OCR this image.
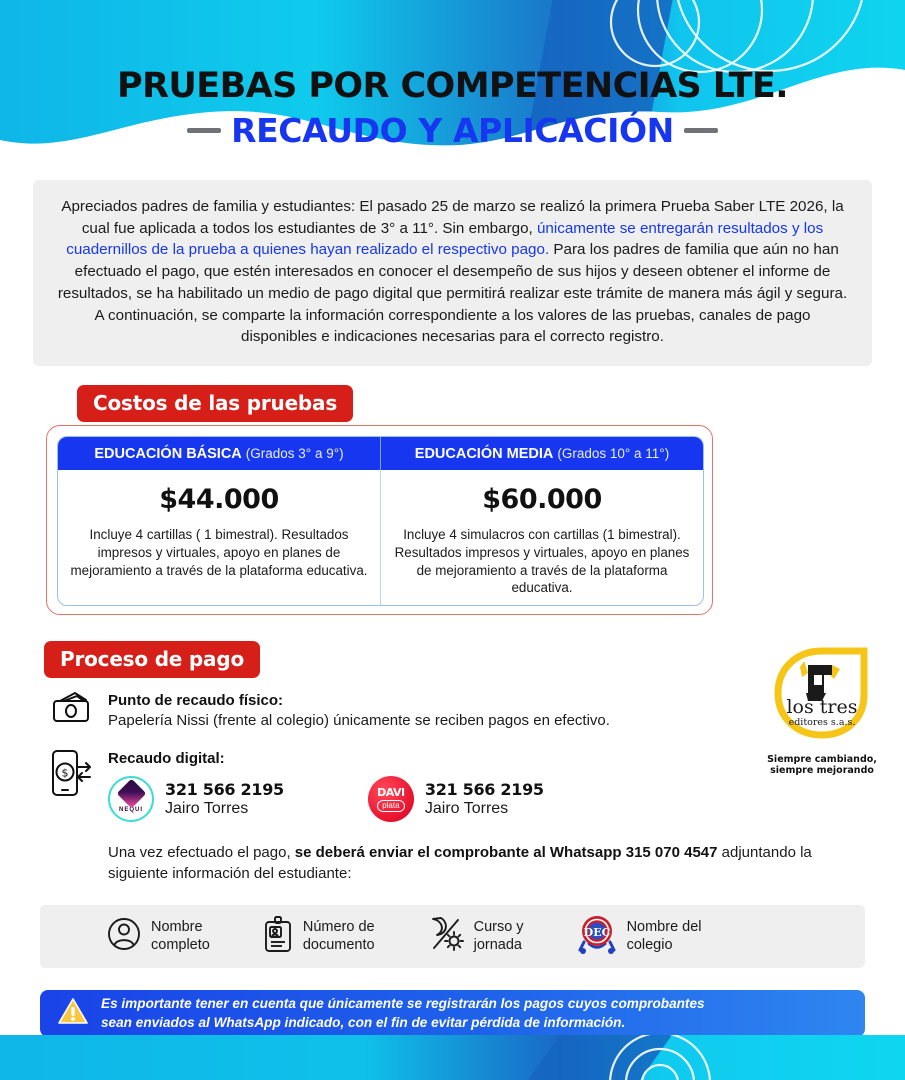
PRUEBAS POR COMPETENCIAS LTE.
RECAUDO Y APLICACIÓN
Apreciados padres de familia y estudiantes: El pasado 25 de marzo se realizó la primera Prueba Saber LTE 2026, la cual fue aplicada a todos los estudiantes de 3° a 11°. Sin embargo, únicamente se entregarán resultados y los cuadernillos de la prueba a quienes hayan realizado el respectivo pago. Para los padres de familia que aún no han efectuado el pago, que estén interesados en conocer el desempeño de sus hijos y deseen obtener el informe de resultados, se ha habilitado un medio de pago digital que permitirá realizar este trámite de manera más ágil y segura. A continuación, se comparte la información correspondiente a los valores de las pruebas, canales de pago disponibles e indicaciones necesarias para el correcto registro.
Costos de las pruebas
EDUCACIÓN BÁSICA (Grados 3° a 9°)	EDUCACIÓN MEDIA (Grados 10° a 11°)
$44.000
Incluye 4 cartillas ( 1 bimestral). Resultados impresos y virtuales, apoyo en planes de mejoramiento a través de la plataforma educativa.
$60.000
Incluye 4 simulacros con cartillas (1 bimestral). Resultados impresos y virtuales, apoyo en planes de mejoramiento a través de la plataforma educativa.
Proceso de pago
Punto de recaudo físico:
Papelería Nissi (frente al colegio) únicamente se reciben pagos en efectivo.
$
Recaudo digital:
NEQUI
321 566 2195
Jairo Torres
DAVI
plata
321 566 2195
Jairo Torres
Una vez efectuado el pago, se deberá enviar el comprobante al Whatsapp 315 070 4547 adjuntando la siguiente información del estudiante:
los tres
editores s.a.s.
Siempre cambiando,
siempre mejorando
Nombre
completo
Número de
documento
Curso y
jornada
DEC Nombre del
colegio
Es importante tener en cuenta que únicamente se registrarán los pagos cuyos comprobantes
sean enviados al WhatsApp indicado, con el fin de evitar pérdida de información.
